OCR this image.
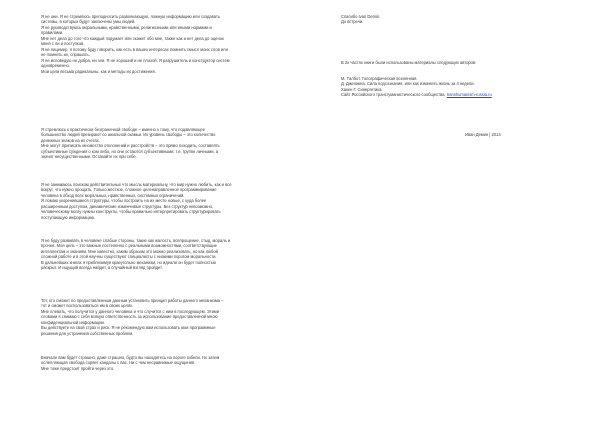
Я не они. Я не стремлюсь преподносить развлекающую, ложную информацию или создавать
системы, в которых будут заключены умы людей.
Я не руководствуюсь моральными, нравственными, религиозными или иными нормами и
правилами.
Мне нет дела до того что каждый подумает или скажет обо мне, также как и нет дела до оценок
меня с ли и поступков.
Я не лицемер, я потому буду говорить, как есть в вашех интересах помнить смысл моих слов или
не помнить их, спрашать.
Я не исповедую не добра, ни зла. Я не хороший и не плохой. Я разрушитель и конструктор систем
одновременно.
Мои цели весьма радикальны, как и методы их достижения.

Я стремлюсь к практически безграничной свободе – именно к тому, что подавляющее
большинство людей презирают со школьной скамьи. Их уровень свободы – это количество
денежных знаков на их счетах.
Мне могут приписать множество отклонений и расстройств – это прямо походить, составлять
субъективные суждения о ком либо, но они остаются субъективными, т.е. группе личными, а
значит несущественными. Оставайте их при себе.

Я не занимаюсь поиском действительных что мысль материальну, что мир нужно любить, как и все
вокруг, что нужно прощать. Только жесткое, сложное целенаправленное программирование
человека в обход всех моральных, нравственных, системных ограничений.
Я ломаю укоренившиеся структуры, чтобы построить на их месте новые, с куда более
расширенным доступом, динамические изменчивые структуры. Без структур невозможно,
человеческому мозгу нужны конструкты, чтобы правильно интерпретировать структурировать
поступающую информацию.

Я не буду развивать в человеке слабые стороны, такие как жалость, всепрощение, стыд, мораль и
прочее. Моя цель – это важные постепенно с реальными возможностями, соответствующие
интеллектам и знаниям. Мне известно, каким образом это можно реализовать, но как любой
сложной работе и в этой научны существуют специалисты с низкими порогом моральности.
В дальнейших книгах я приблизимуя краеугольно механизм, но идеали он будет полностью
раскрыт. И ищущий всегда найдет, а случайный взгляд пройдет.

Тот, кто сможет по предоставленным данным установить принцип работы данного механизма –
тот и сможет воспользоваться им в своих целях.
Мне плевать, что получится у данного человека и что случится с ним в последующем. Этими
словами я снимаю с себя всякую ответственность за использование предоставленной мною
конфиденциальной информации.
Вы действуете на свой страх и риск. Я не рекомендую вам использовать мои программные
решения для устранения собственных проблем.

Вначале вам будет страшно, даже страшно, будто вы находитесь на пороге гибели. Но затем
ослепляющая свобода сорвет кандалы с вас. Ни с чем несравнимые ощущения.
Мне тоже предстоит пройти через это.

Спасибо Ivan Demin.
До встречи.

В 2х частях книги были использованы материалы следующих авторов:

М. Талбот. Голографическая вселенная.
Д. Джеликна. Сила подсознания, или как изменить жизнь за 4 недели.
Хакен Г. Синергетика.
Сайт Российского трансгуманистического сообщества. transhumanism-russia.ru

Иван Демин | 2014
